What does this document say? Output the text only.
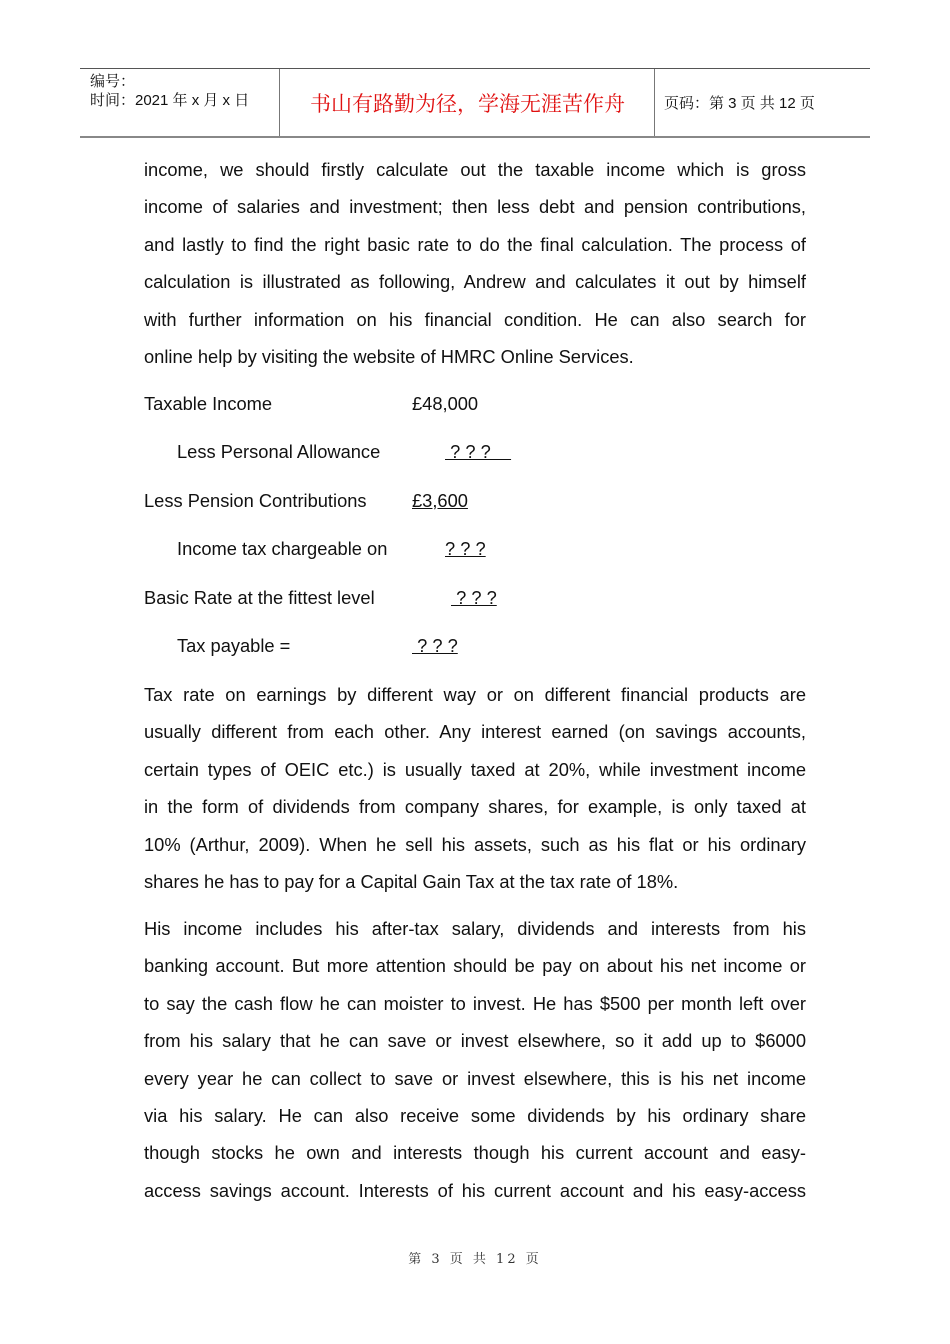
编号：
时间：2021 年 x 月 x 日	书山有路勤为径，学海无涯苦作舟	页码：第 3 页 共 12 页
income, we should firstly calculate out the taxable income which is gross
income of salaries and investment; then less debt and pension contributions,
and lastly to find the right basic rate to do the final calculation. The process of
calculation is illustrated as following, Andrew and calculates it out by himself
with further information on his financial condition. He can also search for
online help by visiting the website of HMRC Online Services.
Taxable Income	£48,000
Less Personal Allowance	? ? ?
Less Pension Contributions £3,600
Income tax chargeable on	? ? ?
Basic Rate at the fittest level	? ? ?
Tax payable =	? ? ?
Tax rate on earnings by different way or on different financial products are
usually different from each other. Any interest earned (on savings accounts,
certain types of OEIC etc.) is usually taxed at 20%, while investment income
in the form of dividends from company shares, for example, is only taxed at
10% (Arthur, 2009). When he sell his assets, such as his flat or his ordinary
shares he has to pay for a Capital Gain Tax at the tax rate of 18%.
His income includes his after-tax salary, dividends and interests from his
banking account. But more attention should be pay on about his net income or
to say the cash flow he can moister to invest. He has $500 per month left over
from his salary that he can save or invest elsewhere, so it add up to $6000
every year he can collect to save or invest elsewhere, this is his net income
via his salary. He can also receive some dividends by his ordinary share
though stocks he own and interests though his current account and easy-
access savings account. Interests of his current account and his easy-access
第 3 页 共 12 页
